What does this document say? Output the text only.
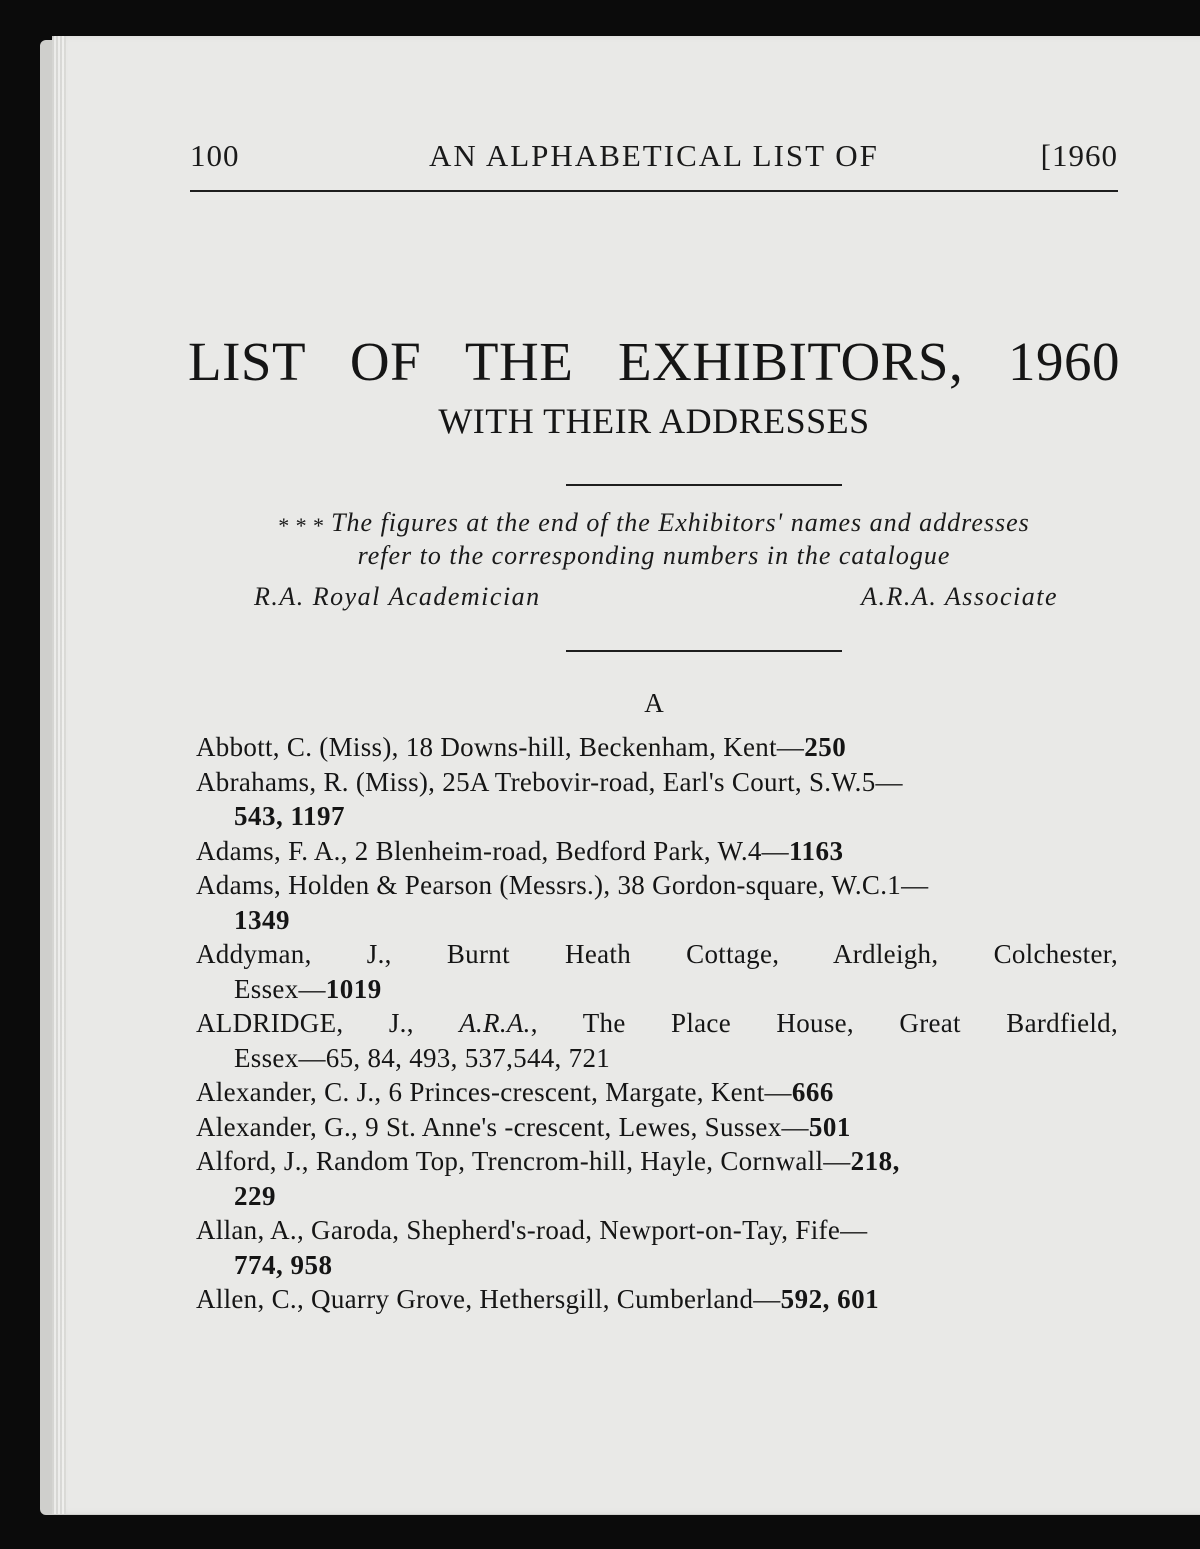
100	AN ALPHABETICAL LIST OF	[1960
LIST OF THE EXHIBITORS, 1960
WITH THEIR ADDRESSES
* * * The figures at the end of the Exhibitors' names and addresses
refer to the corresponding numbers in the catalogue
R.A. Royal Academician	A.R.A. Associate
A
Abbott, C. (Miss), 18 Downs-hill, Beckenham, Kent—250
Abrahams, R. (Miss), 25A Trebovir-road, Earl's Court, S.W.5—
543, 1197
Adams, F. A., 2 Blenheim-road, Bedford Park, W.4—1163
Adams, Holden & Pearson (Messrs.), 38 Gordon-square, W.C.1—
1349
Addyman, J., Burnt Heath Cottage, Ardleigh, Colchester,
Essex—1019
ALDRIDGE, J., A.R.A., The Place House, Great Bardfield,
Essex—65, 84, 493, 537,544, 721
Alexander, C. J., 6 Princes-crescent, Margate, Kent—666
Alexander, G., 9 St. Anne's -crescent, Lewes, Sussex—501
Alford, J., Random Top, Trencrom-hill, Hayle, Cornwall—218,
229
Allan, A., Garoda, Shepherd's-road, Newport-on-Tay, Fife—
774, 958
Allen, C., Quarry Grove, Hethersgill, Cumberland—592, 601
